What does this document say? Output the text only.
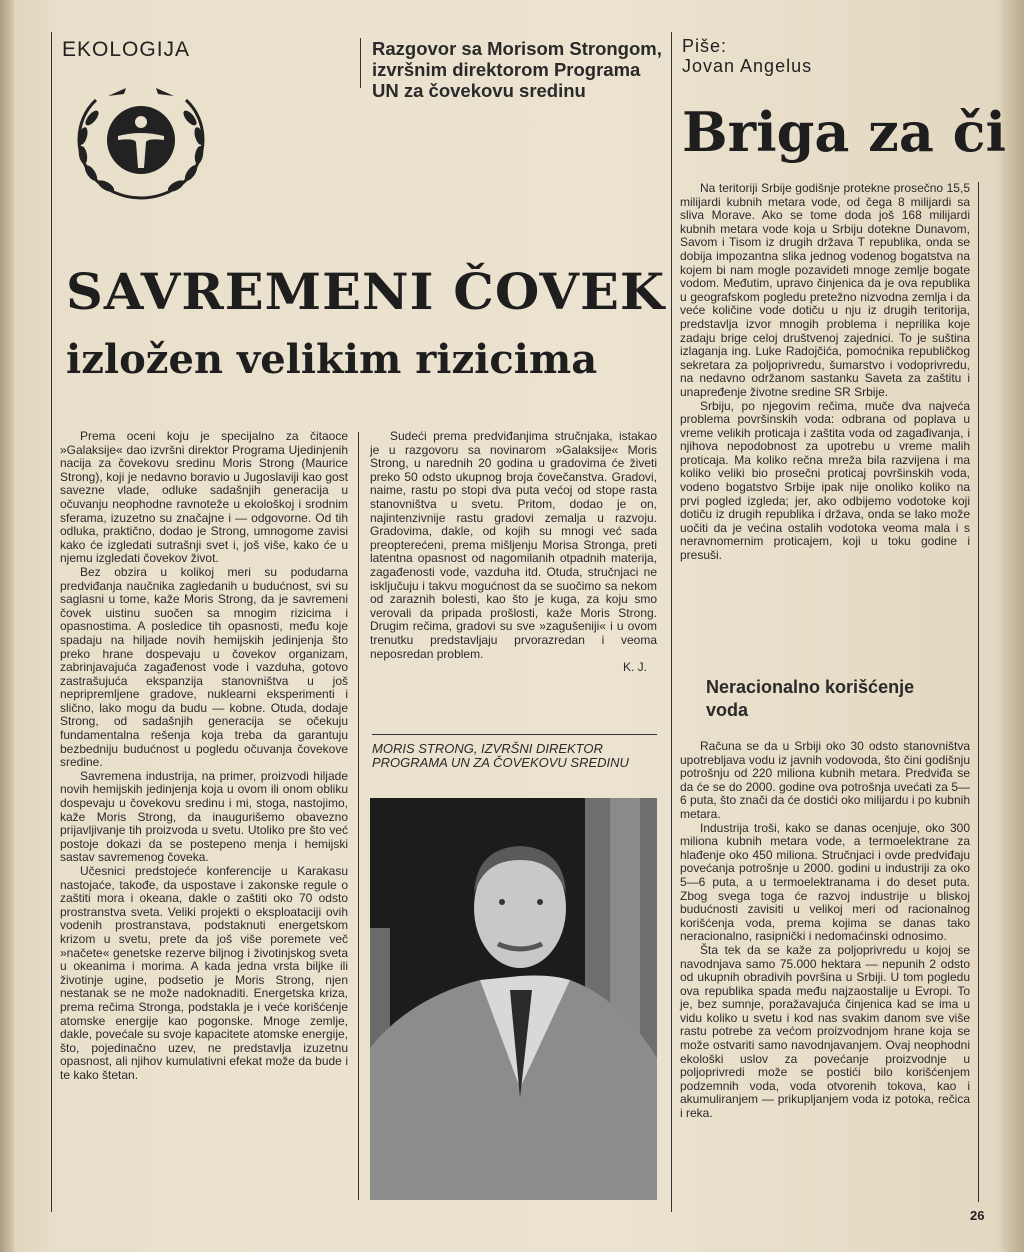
EKOLOGIJA	Razgovor sa Morisom Strongom, izvršnim direktorom Programa UN za čovekovu sredinu
Piše:
Jovan Angelus
Briga za či
SAVREMENI ČOVEK
izložen velikim rizicima

Prema oceni koju je specijalno za čitaoce »Galaksije« dao izvršni direktor Programa Ujedinjenih nacija za čovekovu sredinu Moris Strong (Maurice Strong), koji je nedavno boravio u Jugoslaviji kao gost savezne vlade, odluke sadašnjih generacija u očuvanju neophodne ravnoteže u ekološkoj i srodnim sferama, izuzetno su značajne i — odgovorne. Od tih odluka, praktično, dodao je Strong, umnogome zavisi kako će izgledati sutrašnji svet i, još više, kako će u njemu izgledati čovekov život.

Bez obzira u kolikoj meri su podudarna predviđanja naučnika zagledanih u budućnost, svi su saglasni u tome, kaže Moris Strong, da je savremeni čovek uistinu suočen sa mnogim rizicima i opasnostima. A posledice tih opasnosti, među koje spadaju na hiljade novih hemijskih jedinjenja što preko hrane dospevaju u čovekov organizam, zabrinjavajuća zagađenost vode i vazduha, gotovo zastrašujuća ekspanzija stanovništva u još nepripremljene gradove, nuklearni eksperimenti i slično, lako mogu da budu — kobne. Otuda, dodaje Strong, od sadašnjih generacija se očekuju fundamentalna rešenja koja treba da garantuju bezbedniju budućnost u pogledu očuvanja čovekove sredine.

Savremena industrija, na primer, proizvodi hiljade novih hemijskih jedinjenja koja u ovom ili onom obliku dospevaju u čovekovu sredinu i mi, stoga, nastojimo, kaže Moris Strong, da inaugurišemo obavezno prijavljivanje tih proizvoda u svetu. Utoliko pre što već postoje dokazi da se postepeno menja i hemijski sastav savremenog čoveka.

Učesnici predstojeće konferencije u Karakasu nastojaće, takođe, da uspostave i zakonske regule o zaštiti mora i okeana, dakle o zaštiti oko 70 odsto prostranstva sveta. Veliki projekti o eksploataciji ovih vodenih prostranstava, podstaknuti energetskom krizom u svetu, prete da još više poremete več »načete« genetske rezerve biljnog i životinjskog sveta u okeanima i morima. A kada jedna vrsta biljke ili životinje ugine, podsetio je Moris Strong, njen nestanak se ne može nadoknaditi. Energetska kriza, prema rečima Stronga, podstakla je i veće korišćenje atomske energije kao pogonske. Mnoge zemlje, dakle, povećale su svoje kapacitete atomske energije, što, pojedinačno uzev, ne predstavlja izuzetnu opasnost, ali njihov kumulativni efekat može da bude i te kako štetan.

Sudeći prema predviđanjima stručnjaka, istakao je u razgovoru sa novinarom »Galaksije« Moris Strong, u narednih 20 godina u gradovima će živeti preko 50 odsto ukupnog broja čovečanstva. Gradovi, naime, rastu po stopi dva puta većoj od stope rasta stanovništva u svetu. Pritom, dodao je on, najintenzivnije rastu gradovi zemalja u razvoju. Gradovima, dakle, od kojih su mnogi već sada preopterećeni, prema mišljenju Morisa Stronga, preti latentna opasnost od nagomilanih otpadnih materija, zagađenosti vode, vazduha itd. Otuda, stručnjaci ne isključuju i takvu mogućnost da se suočimo sa nekom od zaraznih bolesti, kao što je kuga, za koju smo verovali da pripada prošlosti, kaže Moris Strong. Drugim rečima, gradovi su sve »zagušeniji« i u ovom trenutku predstavljaju prvorazredan i veoma neposredan problem.

K. J.
MORIS STRONG, IZVRŠNI DIREKTOR PROGRAMA UN ZA ČOVEKOVU SREDINU

Na teritoriji Srbije godišnje protekne prosečno 15,5 milijardi kubnih metara vode, od čega 8 milijardi sa sliva Morave. Ako se tome doda još 168 milijardi kubnih metara vode koja u Srbiju dotekne Dunavom, Savom i Tisom iz drugih država T republika, onda se dobija impozantna slika jednog vodenog bogatstva na kojem bi nam mogle pozavideti mnoge zemlje bogate vodom. Međutim, upravo činjenica da je ova republika u geografskom pogledu pretežno nizvodna zemlja i da veće količine vode dotiču u nju iz drugih teritorija, predstavlja izvor mnogih problema i neprilika koje zadaju brige celoj društvenoj zajednici. To je suština izlaganja ing. Luke Radojčića, pomoćnika republičkog sekretara za poljoprivredu, šumarstvo i vodoprivredu, na nedavno održanom sastanku Saveta za zaštitu i unapređenje životne sredine SR Srbije.

Srbiju, po njegovim rečima, muče dva najveća problema površinskih voda: odbrana od poplava u vreme velikih proticaja i zaštita voda od zagađivanja, i njihova nepodobnost za upotrebu u vreme malih proticaja. Ma koliko rečna mreža bila razvijena i ma koliko veliki bio prosečni proticaj površinskih voda, vodeno bogatstvo Srbije ipak nije onoliko koliko na prvi pogled izgleda; jer, ako odbijemo vodotoke koji dotiču iz drugih republika i država, onda se lako može uočiti da je većina ostalih vodotoka veoma mala i s neravnomernim proticajem, koji u toku godine i presuši.

Neracionalno korišćenje voda

Računa se da u Srbiji oko 30 odsto stanovništva upotrebljava vodu iz javnih vodovoda, što čini godišnju potrošnju od 220 miliona kubnih metara. Predviđa se da će se do 2000. godine ova potrošnja uvećati za 5—6 puta, što znači da će dostići oko milijardu i po kubnih metara.

Industrija troši, kako se danas ocenjuje, oko 300 miliona kubnih metara vode, a termoelektrane za hlađenje oko 450 miliona. Stručnjaci i ovde predviđaju povećanja potrošnje u 2000. godini u industriji za oko 5—6 puta, a u termoelektranama i do deset puta. Zbog svega toga će razvoj industrije u bliskoj budućnosti zavisiti u velikoj meri od racionalnog korišćenja voda, prema kojima se danas tako neracionalno, rasipnički i nedomaćinski odnosimo.

Šta tek da se kaže za poljoprivredu u kojoj se navodnjava samo 75.000 hektara — nepunih 2 odsto od ukupnih obradivih površina u Srbiji. U tom pogledu ova republika spada među najzaostalije u Evropi. To je, bez sumnje, poražavajuća činjenica kad se ima u vidu koliko u svetu i kod nas svakim danom sve više rastu potrebe za većom proizvodnjom hrane koja se može ostvariti samo navodnjavanjem. Ovaj neophodni ekološki uslov za povećanje proizvodnje u poljoprivredi može se postići bilo korišćenjem podzemnih voda, voda otvorenih tokova, kao i akumuliranjem — prikupljanjem voda iz potoka, rečica i reka.

26
